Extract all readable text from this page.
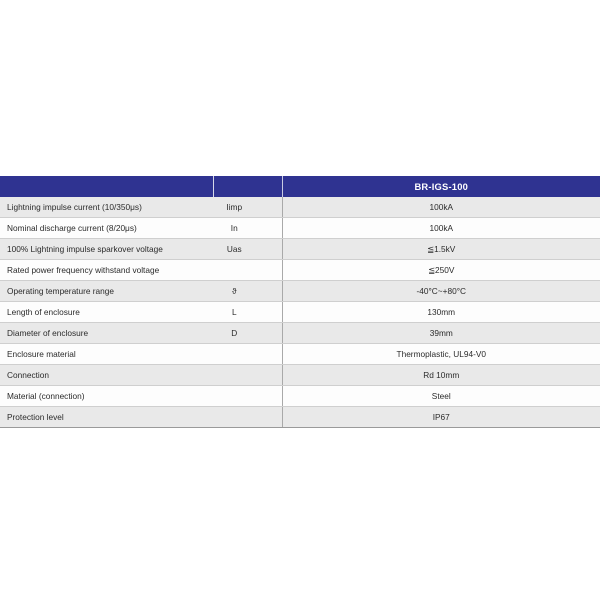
		BR-IGS-100
Lightning impulse current (10/350μs)	Iimp	100kA
Nominal discharge current (8/20μs)	In	100kA
100% Lightning impulse sparkover voltage	Uas	≦1.5kV
Rated power frequency withstand voltage		≦250V
Operating temperature range	ϑ	-40°C~+80°C
Length of enclosure	L	130mm
Diameter of enclosure	D	39mm
Enclosure material		Thermoplastic, UL94-V0
Connection		Rd 10mm
Material (connection)		Steel
Protection level		IP67
